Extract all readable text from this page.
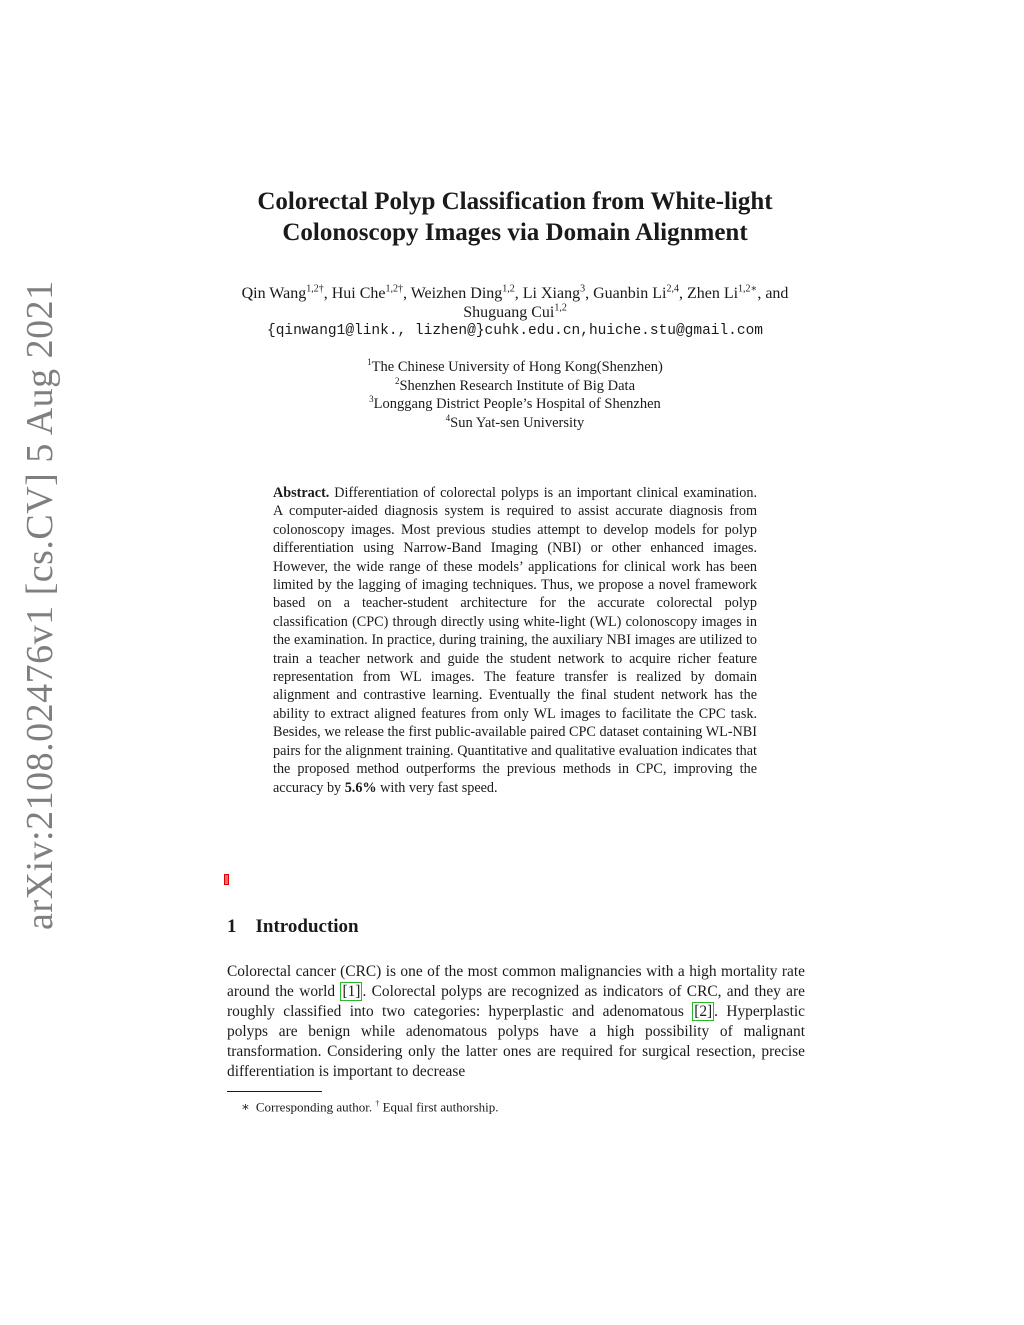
arXiv:2108.02476v1 [cs.CV] 5 Aug 2021
Colorectal Polyp Classification from White-light
Colonoscopy Images via Domain Alignment
Qin Wang$^{1,2\dagger}$, Hui Che$^{1,2\dagger}$, Weizhen Ding$^{1,2}$, Li Xiang$^3$, Guanbin Li$^{2,4}$, Zhen $Li^{1,2∗}$, and Shuguang Cui$^{1,2}$
{qinwang1@link., lizhen@}cuhk.edu.cn,huiche.stu@gmail.com
$^1$The Chinese University of Hong Kong(Shenzhen)
$^2$Shenzhen Research Institute of Big Data
$^3$Longgang District People’s Hospital of Shenzhen
$^4$Sun Yat-sen University

Abstract. Differentiation of colorectal polyps is an important clinical examination. A computer-aided diagnosis system is required to assist accurate diagnosis from colonoscopy images. Most previous studies attempt to develop models for polyp differentiation using Narrow-Band Imaging (NBI) or other enhanced images. However, the wide range of these models’ applications for clinical work has been limited by the lagging of imaging techniques. Thus, we propose a novel framework based on a teacher-student architecture for the accurate colorectal polyp classification (CPC) through directly using white-light (WL) colonoscopy images in the examination. In practice, during training, the auxiliary NBI images are utilized to train a teacher network and guide the student network to acquire richer feature representation from WL images. The feature transfer is realized by domain alignment and contrastive learning. Eventually the final student network has the ability to extract aligned features from only WL images to facilitate the CPC task. Besides, we release the first public-available paired CPC dataset containing WL-NBI pairs for the alignment training. Quantitative and qualitative evaluation indicates that the proposed method outperforms the previous methods in CPC, improving the accuracy by 5.6% with very fast speed.

1 Introduction

Colorectal cancer (CRC) is one of the most common malignancies with a high mortality rate around the world [1] . Colorectal polyps are recognized as indicators of CRC, and they are roughly classified into two categories: hyperplastic and adenomatous [2] . Hyperplastic polyps are benign while adenomatous polyps have a high possibility of malignant transformation. Considering only the latter ones are required for surgical resection, precise differentiation is important to decrease

∗ Corresponding author. † Equal first authorship.
